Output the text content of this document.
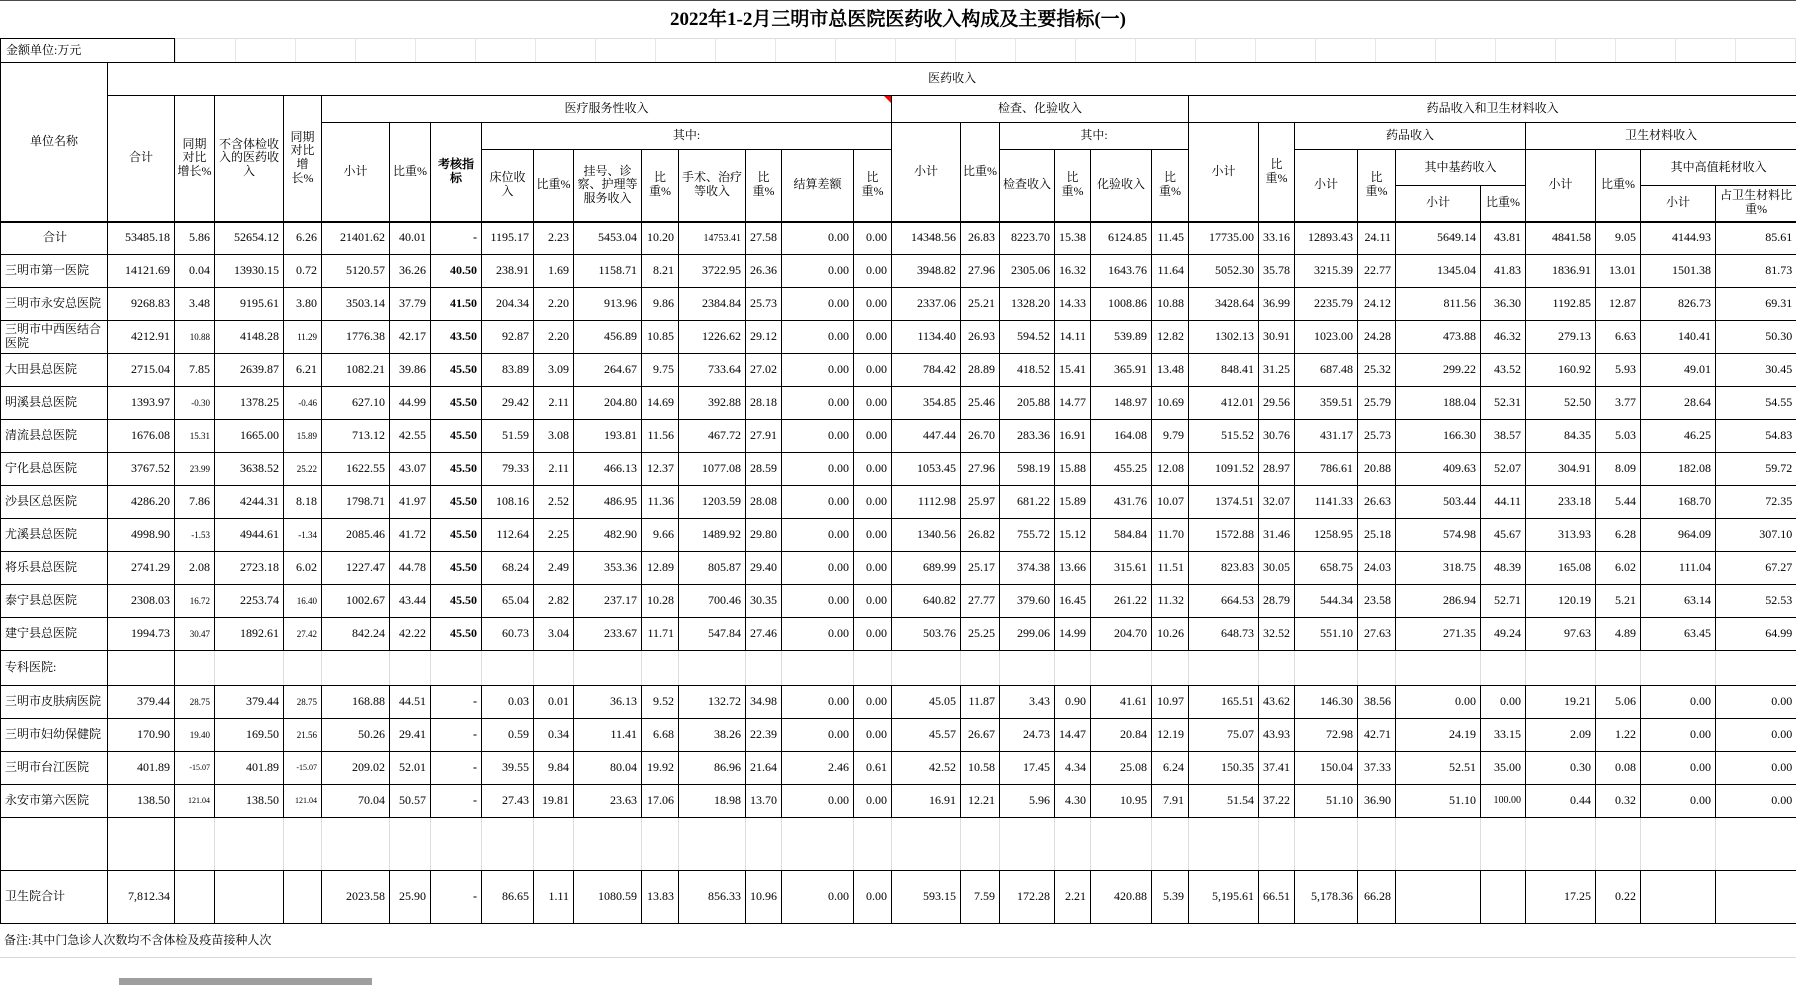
2022年1-2月三明市总医院医药收入构成及主要指标(一)
金额单位:万元
单位名称	医药收入																														
	合计	同期对比增长%	不含体检收入的医药收入	同期对比增长%	医疗服务性收入											检查、化验收入						药品收入和卫生材料收入									
					小计	比重%	考核指标	其中:								小计	比重%	其中:				小计	比重%	药品收入				卫生材料收入			
								床位收入	比重%	挂号、诊察、护理等服务收入	比重%	手术、治疗等收入	比重%	结算差额	比重%			检查收入	比重%	化验收入	比重%			小计	比重%	其中基药收入		小计	比重%	其中高值耗材收入	
																										小计	比重%			小计	占卫生材料比重%
合计	53485.18	5.86	52654.12	6.26	21401.62	40.01	-	1195.17	2.23	5453.04	10.20	14753.41	27.58	0.00	0.00	14348.56	26.83	8223.70	15.38	6124.85	11.45	17735.00	33.16	12893.43	24.11	5649.14	43.81	4841.58	9.05	4144.93	85.61
三明市第一医院	14121.69	0.04	13930.15	0.72	5120.57	36.26	40.50	238.91	1.69	1158.71	8.21	3722.95	26.36	0.00	0.00	3948.82	27.96	2305.06	16.32	1643.76	11.64	5052.30	35.78	3215.39	22.77	1345.04	41.83	1836.91	13.01	1501.38	81.73
三明市永安总医院	9268.83	3.48	9195.61	3.80	3503.14	37.79	41.50	204.34	2.20	913.96	9.86	2384.84	25.73	0.00	0.00	2337.06	25.21	1328.20	14.33	1008.86	10.88	3428.64	36.99	2235.79	24.12	811.56	36.30	1192.85	12.87	826.73	69.31
三明市中西医结合医院	4212.91	10.88	4148.28	11.29	1776.38	42.17	43.50	92.87	2.20	456.89	10.85	1226.62	29.12	0.00	0.00	1134.40	26.93	594.52	14.11	539.89	12.82	1302.13	30.91	1023.00	24.28	473.88	46.32	279.13	6.63	140.41	50.30
大田县总医院	2715.04	7.85	2639.87	6.21	1082.21	39.86	45.50	83.89	3.09	264.67	9.75	733.64	27.02	0.00	0.00	784.42	28.89	418.52	15.41	365.91	13.48	848.41	31.25	687.48	25.32	299.22	43.52	160.92	5.93	49.01	30.45
明溪县总医院	1393.97	-0.30	1378.25	-0.46	627.10	44.99	45.50	29.42	2.11	204.80	14.69	392.88	28.18	0.00	0.00	354.85	25.46	205.88	14.77	148.97	10.69	412.01	29.56	359.51	25.79	188.04	52.31	52.50	3.77	28.64	54.55
清流县总医院	1676.08	15.31	1665.00	15.89	713.12	42.55	45.50	51.59	3.08	193.81	11.56	467.72	27.91	0.00	0.00	447.44	26.70	283.36	16.91	164.08	9.79	515.52	30.76	431.17	25.73	166.30	38.57	84.35	5.03	46.25	54.83
宁化县总医院	3767.52	23.99	3638.52	25.22	1622.55	43.07	45.50	79.33	2.11	466.13	12.37	1077.08	28.59	0.00	0.00	1053.45	27.96	598.19	15.88	455.25	12.08	1091.52	28.97	786.61	20.88	409.63	52.07	304.91	8.09	182.08	59.72
沙县区总医院	4286.20	7.86	4244.31	8.18	1798.71	41.97	45.50	108.16	2.52	486.95	11.36	1203.59	28.08	0.00	0.00	1112.98	25.97	681.22	15.89	431.76	10.07	1374.51	32.07	1141.33	26.63	503.44	44.11	233.18	5.44	168.70	72.35
尤溪县总医院	4998.90	-1.53	4944.61	-1.34	2085.46	41.72	45.50	112.64	2.25	482.90	9.66	1489.92	29.80	0.00	0.00	1340.56	26.82	755.72	15.12	584.84	11.70	1572.88	31.46	1258.95	25.18	574.98	45.67	313.93	6.28	964.09	307.10
将乐县总医院	2741.29	2.08	2723.18	6.02	1227.47	44.78	45.50	68.24	2.49	353.36	12.89	805.87	29.40	0.00	0.00	689.99	25.17	374.38	13.66	315.61	11.51	823.83	30.05	658.75	24.03	318.75	48.39	165.08	6.02	111.04	67.27
泰宁县总医院	2308.03	16.72	2253.74	16.40	1002.67	43.44	45.50	65.04	2.82	237.17	10.28	700.46	30.35	0.00	0.00	640.82	27.77	379.60	16.45	261.22	11.32	664.53	28.79	544.34	23.58	286.94	52.71	120.19	5.21	63.14	52.53
建宁县总医院	1994.73	30.47	1892.61	27.42	842.24	42.22	45.50	60.73	3.04	233.67	11.71	547.84	27.46	0.00	0.00	503.76	25.25	299.06	14.99	204.70	10.26	648.73	32.52	551.10	27.63	271.35	49.24	97.63	4.89	63.45	64.99
专科医院:																															
三明市皮肤病医院	379.44	28.75	379.44	28.75	168.88	44.51	-	0.03	0.01	36.13	9.52	132.72	34.98	0.00	0.00	45.05	11.87	3.43	0.90	41.61	10.97	165.51	43.62	146.30	38.56	0.00	0.00	19.21	5.06	0.00	0.00
三明市妇幼保健院	170.90	19.40	169.50	21.56	50.26	29.41	-	0.59	0.34	11.41	6.68	38.26	22.39	0.00	0.00	45.57	26.67	24.73	14.47	20.84	12.19	75.07	43.93	72.98	42.71	24.19	33.15	2.09	1.22	0.00	0.00
三明市台江医院	401.89	-15.07	401.89	-15.07	209.02	52.01	-	39.55	9.84	80.04	19.92	86.96	21.64	2.46	0.61	42.52	10.58	17.45	4.34	25.08	6.24	150.35	37.41	150.04	37.33	52.51	35.00	0.30	0.08	0.00	0.00
永安市第六医院	138.50	121.04	138.50	121.04	70.04	50.57	-	27.43	19.81	23.63	17.06	18.98	13.70	0.00	0.00	16.91	12.21	5.96	4.30	10.95	7.91	51.54	37.22	51.10	36.90	51.10	100.00	0.44	0.32	0.00	0.00

卫生院合计	7,812.34				2023.58	25.90	-	86.65	1.11	1080.59	13.83	856.33	10.96	0.00	0.00	593.15	7.59	172.28	2.21	420.88	5.39	5,195.61	66.51	5,178.36	66.28			17.25	0.22		
备注:其中门急诊人次数均不含体检及疫苗接种人次
